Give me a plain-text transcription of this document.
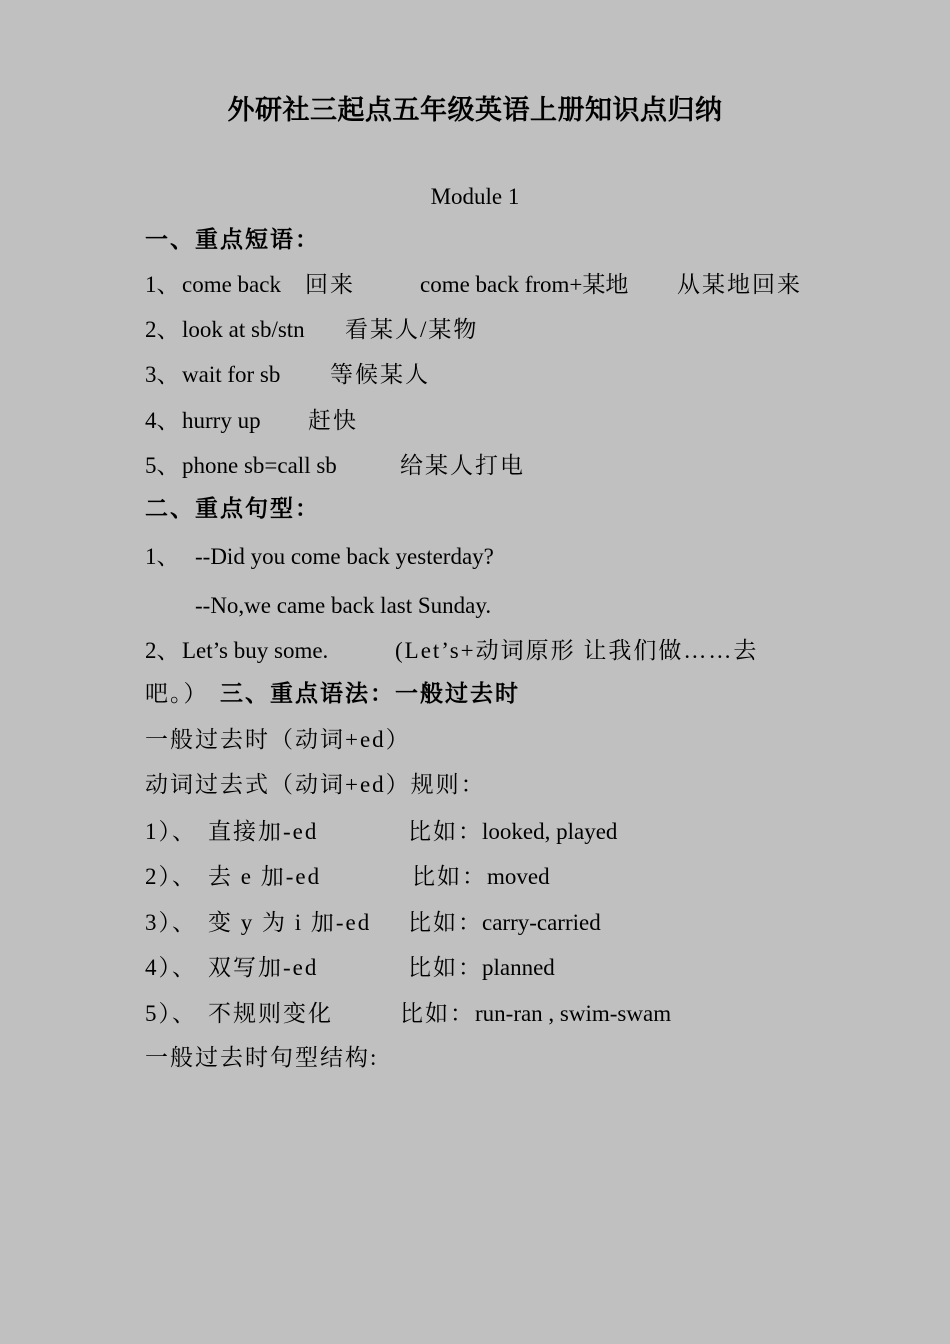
外研社三起点五年级英语上册知识点归纳
Module 1
一、重点短语：
1、 come back 回来	come back from+某地 从某地回来
2、 look at sb/stn 看某人/某物
3、 wait for sb 等候某人
4、 hurry up 赶快
5、 phone sb=call sb	给某人打电
二、重点句型：
1、 --Did you come back yesterday?
--No,we came back last Sunday.
2、 Let’s buy some.	(Let’s+动词原形 让我们做……去
吧。） 三、重点语法：一般过去时
一般过去时（动词+ed）
动词过去式（动词+ed）规则：
1）、 直接加-ed	比如： looked, played
2）、 去 e 加-ed	比如： moved
3）、 变 y 为 i 加-ed 比如： carry-carried
4）、 双写加-ed	比如： planned
5）、 不规则变化	比如： run-ran , swim-swam
一般过去时句型结构:
